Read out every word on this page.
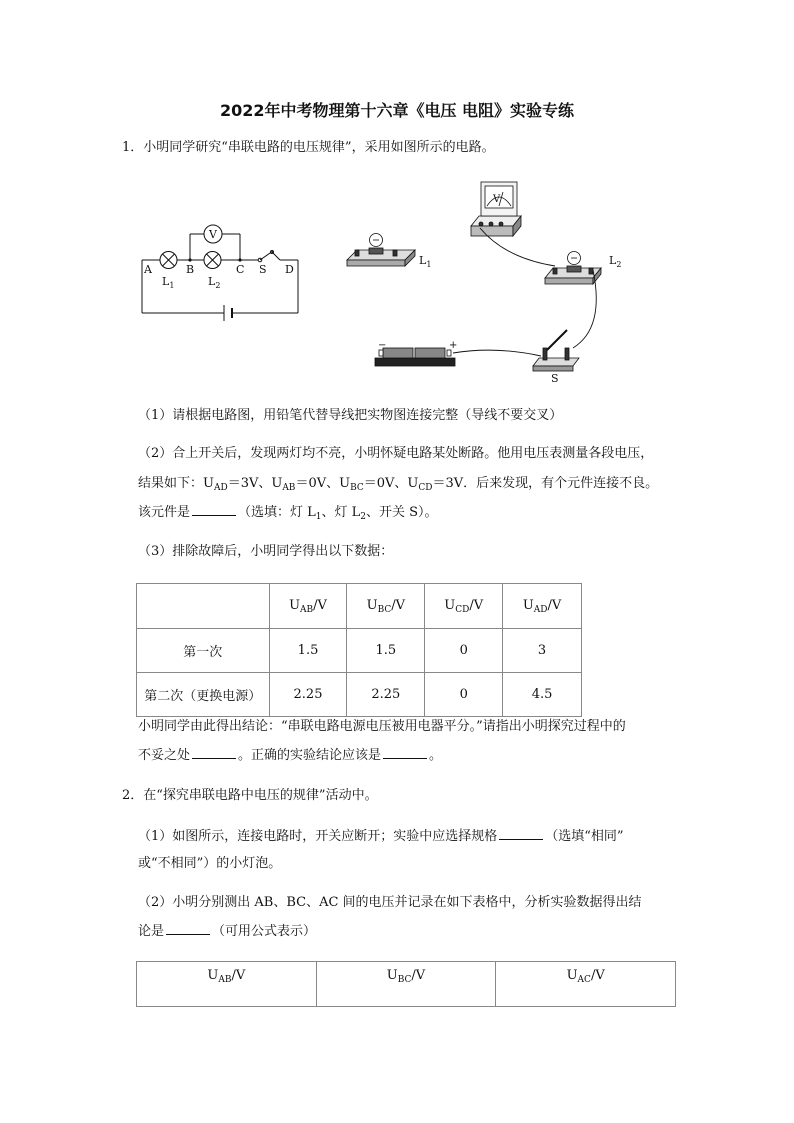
2022年中考物理第十六章《电压 电阻》实验专练
1．小明同学研究“串联电路的电压规律”，采用如图所示的电路。
V
A	B	C S D
$L_1$	$L_2$
$L_1$
V
$L_2$
S
−	+
（1）请根据电路图，用铅笔代替导线把实物图连接完整（导线不要交叉）
（2）合上开关后，发现两灯均不亮，小明怀疑电路某处断路。他用电压表测量各段电压，
结果如下：$U_{AD}=3V$、$U_{AB}=0V$、$U_{BC}=0V$、$U_{CD}=3V$．后来发现，有个元件连接不良。
该元件是	（选填：灯 $L_1$、灯 $L_2$、开关 S）。
（3）排除故障后，小明同学得出以下数据：
	$U_{AB}/V$	$U_{BC}/V$	$U_{CD}/V$	$U_{AD}/V$
第一次	1.5	1.5	0	3
第二次（更换电源）	2.25	2.25	0	4.5
小明同学由此得出结论：“串联电路电源电压被用电器平分。”请指出小明探究过程中的
不妥之处	。正确的实验结论应该是	。
2．在“探究串联电路中电压的规律”活动中。
（1）如图所示，连接电路时，开关应断开；实验中应选择规格	（选填“相同”
或“不相同”）的小灯泡。
（2）小明分别测出 AB、BC、AC 间的电压并记录在如下表格中，分析实验数据得出结
论是	（可用公式表示）
$U_{AB}/V$	$U_{BC}/V$	$U_{AC}/V$
